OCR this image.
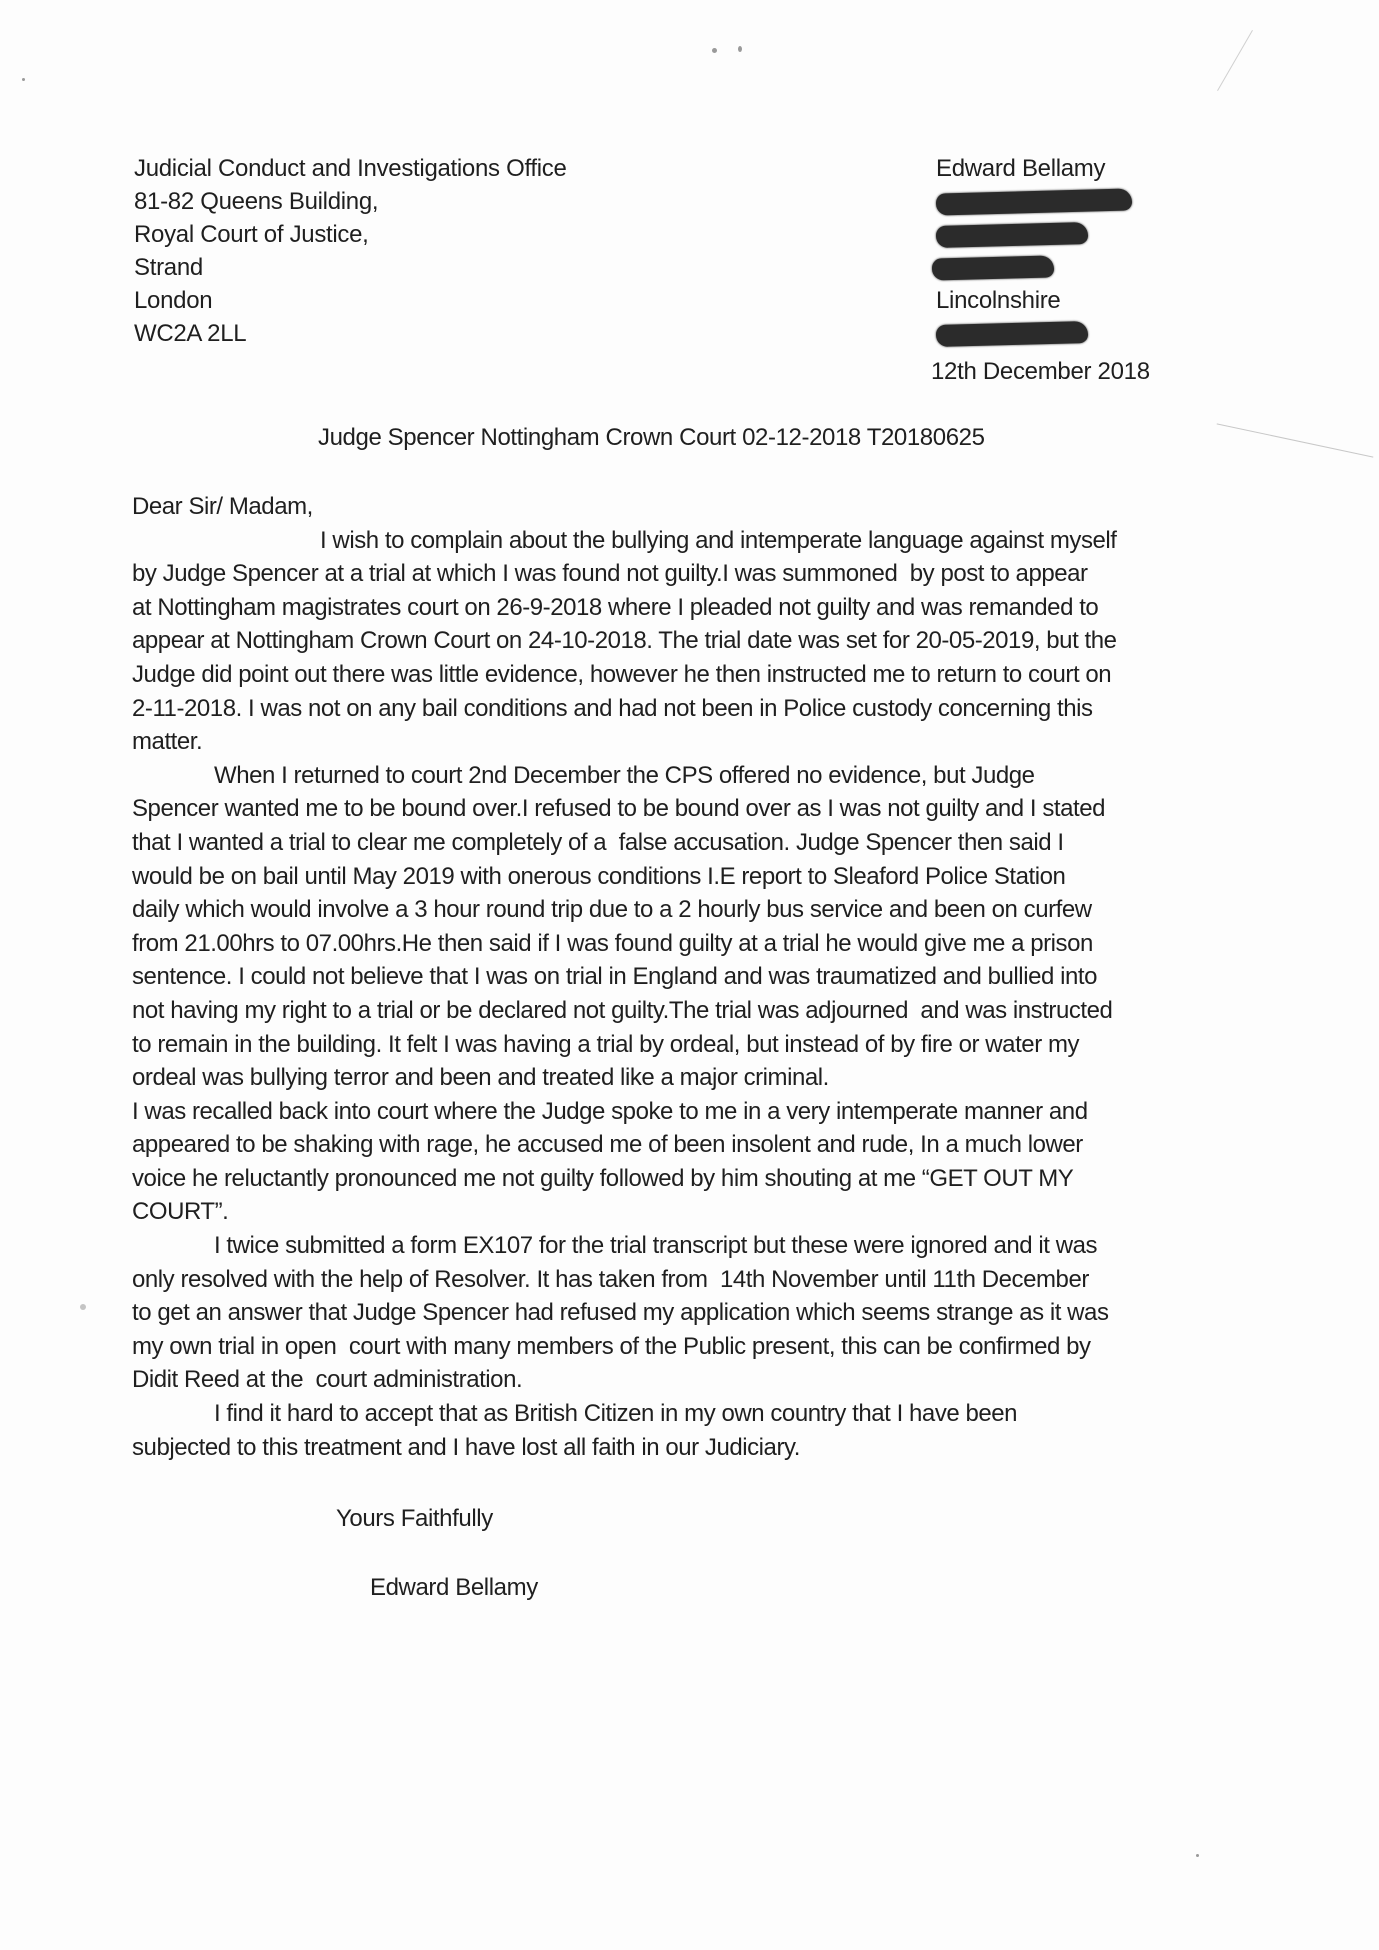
Judicial Conduct and Investigations Office
81-82 Queens Building,
Royal Court of Justice,
Strand
London
WC2A 2LL
Edward Bellamy
Lincolnshire
12th December 2018
Judge Spencer Nottingham Crown Court 02-12-2018 T20180625
Dear Sir/ Madam,
I wish to complain about the bullying and intemperate language against myself
by Judge Spencer at a trial at which I was found not guilty.I was summoned  by post to appear
at Nottingham magistrates court on 26-9-2018 where I pleaded not guilty and was remanded to
appear at Nottingham Crown Court on 24-10-2018. The trial date was set for 20-05-2019, but the
Judge did point out there was little evidence, however he then instructed me to return to court on
2-11-2018. I was not on any bail conditions and had not been in Police custody concerning this
matter.
When I returned to court 2nd December the CPS offered no evidence, but Judge
Spencer wanted me to be bound over.I refused to be bound over as I was not guilty and I stated
that I wanted a trial to clear me completely of a  false accusation. Judge Spencer then said I
would be on bail until May 2019 with onerous conditions I.E report to Sleaford Police Station
daily which would involve a 3 hour round trip due to a 2 hourly bus service and been on curfew
from 21.00hrs to 07.00hrs.He then said if I was found guilty at a trial he would give me a prison
sentence. I could not believe that I was on trial in England and was traumatized and bullied into
not having my right to a trial or be declared not guilty.The trial was adjourned  and was instructed
to remain in the building. It felt I was having a trial by ordeal, but instead of by fire or water my
ordeal was bullying terror and been and treated like a major criminal.
I was recalled back into court where the Judge spoke to me in a very intemperate manner and
appeared to be shaking with rage, he accused me of been insolent and rude, In a much lower
voice he reluctantly pronounced me not guilty followed by him shouting at me “GET OUT MY
COURT”.
I twice submitted a form EX107 for the trial transcript but these were ignored and it was
only resolved with the help of Resolver. It has taken from  14th November until 11th December
to get an answer that Judge Spencer had refused my application which seems strange as it was
my own trial in open  court with many members of the Public present, this can be confirmed by
Didit Reed at the  court administration.
I find it hard to accept that as British Citizen in my own country that I have been
subjected to this treatment and I have lost all faith in our Judiciary.
Yours Faithfully
Edward Bellamy
